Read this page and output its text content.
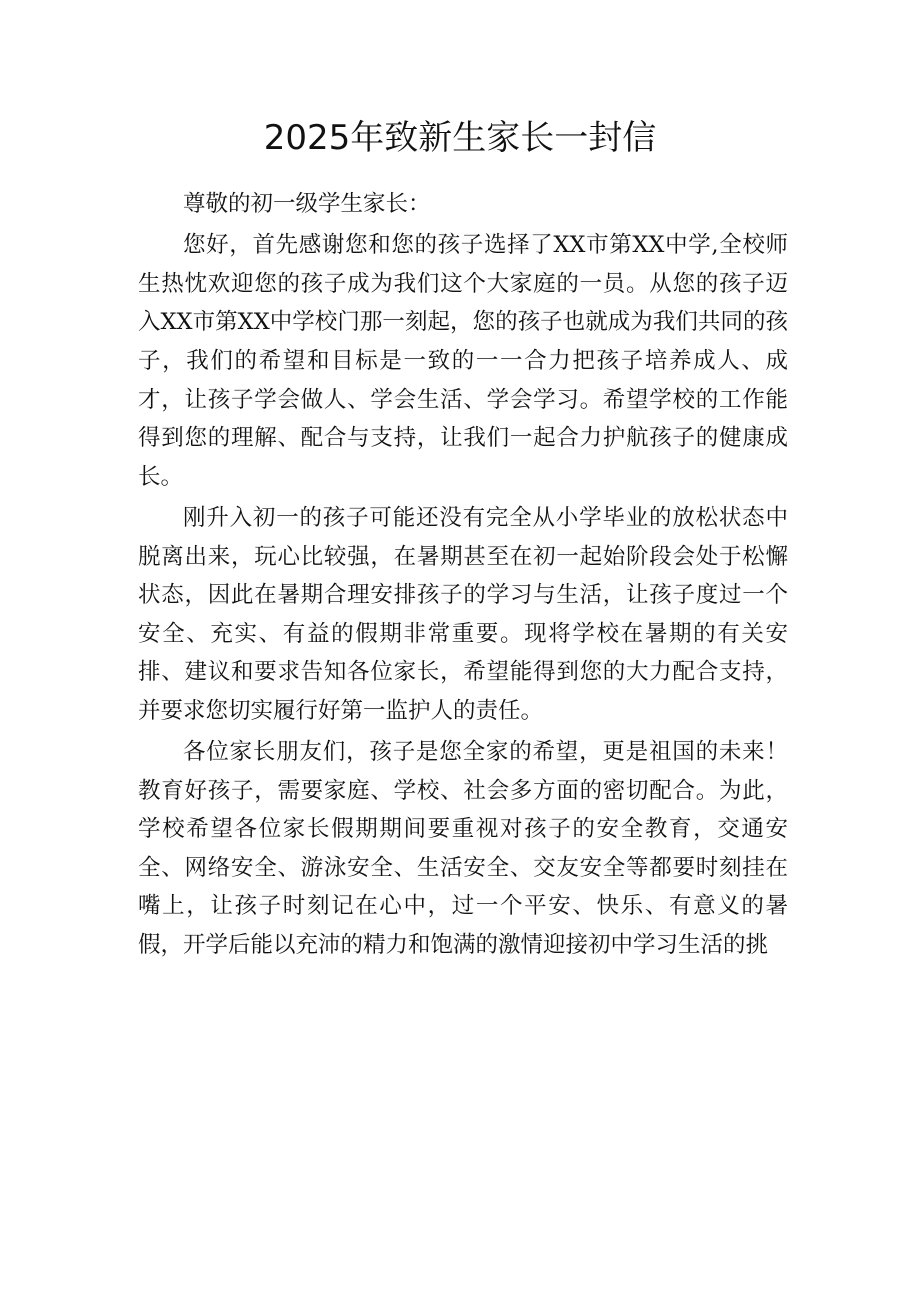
2025年致新生家长一封信

尊敬的初一级学生家长：

您好，首先感谢您和您的孩子选择了XX市第XX中学,全校师生热忱欢迎您的孩子成为我们这个大家庭的一员。从您的孩子迈入XX市第XX中学校门那一刻起，您的孩子也就成为我们共同的孩子，我们的希望和目标是一致的一一合力把孩子培养成人、成才，让孩子学会做人、学会生活、学会学习。希望学校的工作能得到您的理解、配合与支持，让我们一起合力护航孩子的健康成长。

刚升入初一的孩子可能还没有完全从小学毕业的放松状态中脱离出来，玩心比较强，在暑期甚至在初一起始阶段会处于松懈状态，因此在暑期合理安排孩子的学习与生活，让孩子度过一个安全、充实、有益的假期非常重要。现将学校在暑期的有关安排、建议和要求告知各位家长，希望能得到您的大力配合支持，并要求您切实履行好第一监护人的责任。

各位家长朋友们，孩子是您全家的希望，更是祖国的未来！教育好孩子，需要家庭、学校、社会多方面的密切配合。为此，学校希望各位家长假期期间要重视对孩子的安全教育，交通安全、网络安全、游泳安全、生活安全、交友安全等都要时刻挂在嘴上，让孩子时刻记在心中，过一个平安、快乐、有意义的暑假，开学后能以充沛的精力和饱满的激情迎接初中学习生活的挑
